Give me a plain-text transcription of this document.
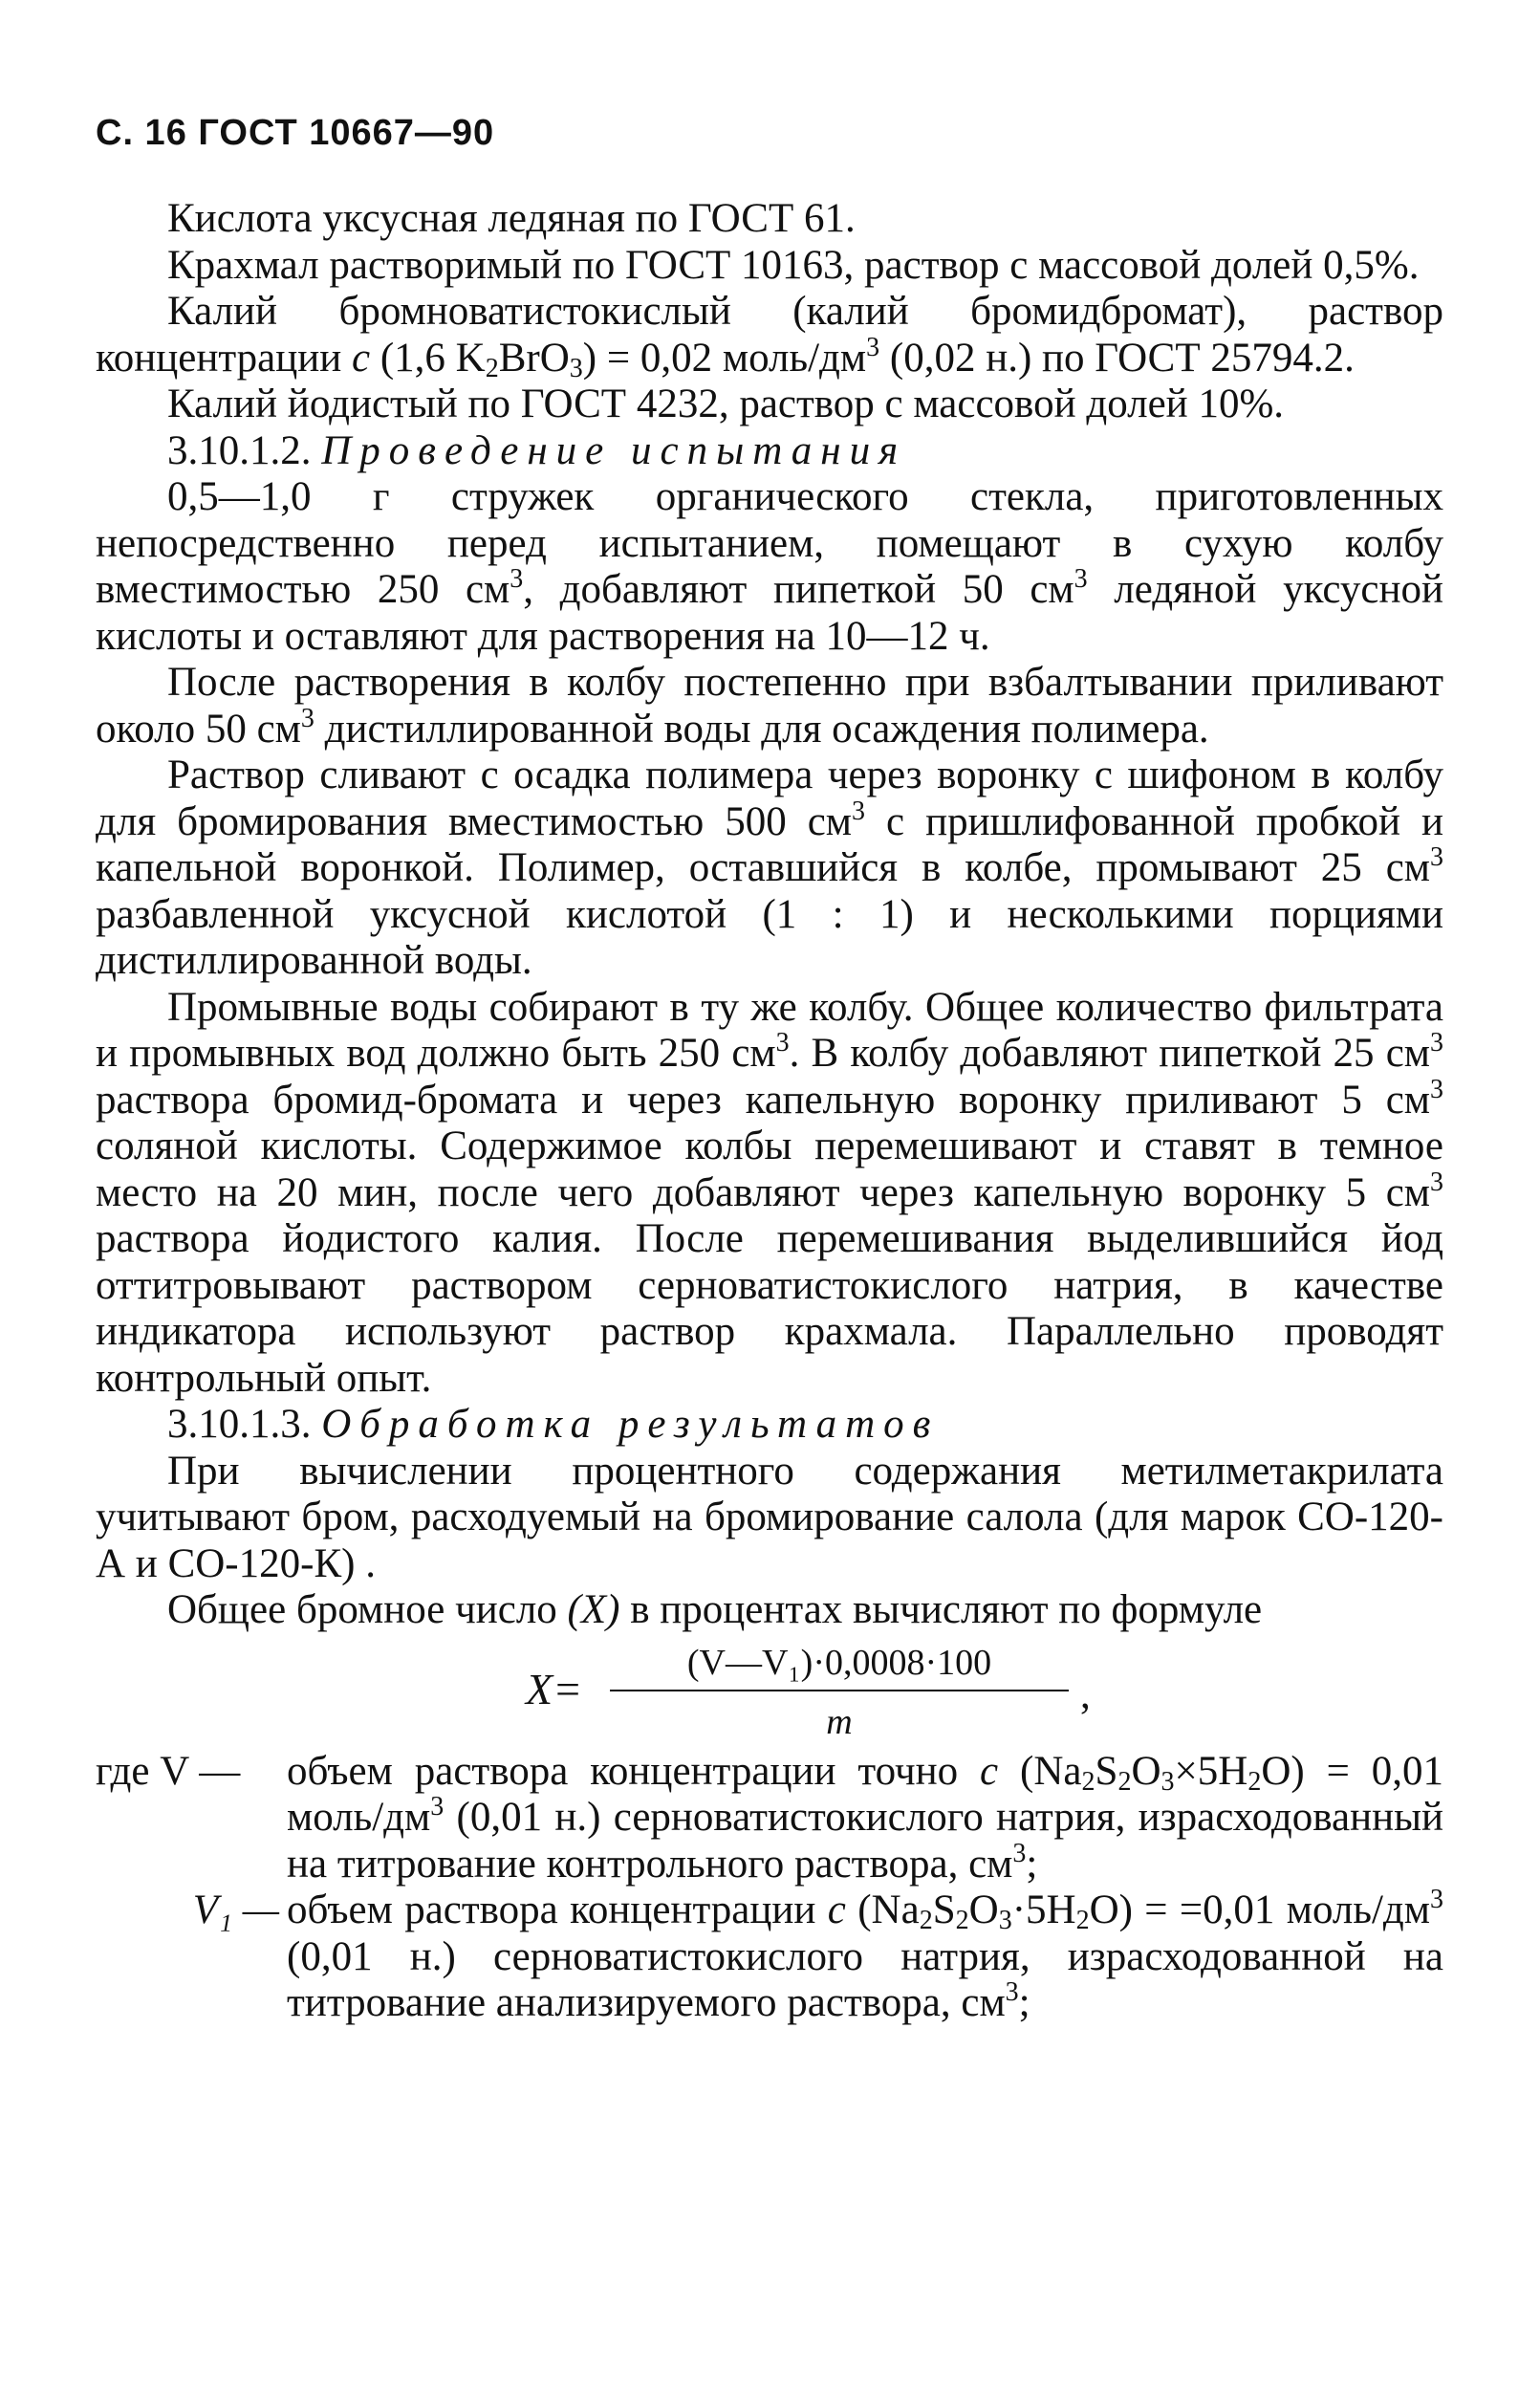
С. 16 ГОСТ 10667—90

Кислота уксусная ледяная по ГОСТ 61.

Крахмал растворимый по ГОСТ 10163, раствор с массовой долей 0,5%.

Калий бромноватистокислый (калий бромидбромат), раствор концентрации c (1,6 $K_2BrO_3) = 0,02$ моль/$дм^3$ (0,02 н.) по ГОСТ 25794.2.

Калий йодистый по ГОСТ 4232, раствор с массовой долей 10%.

3.10.1.2. Проведение испытания

0,5—1,0 г стружек органического стекла, приготовленных непосредственно перед испытанием, помещают в сухую колбу вместимостью 250 $см^3$, добавляют пипеткой 50 $см^3$ ледяной уксусной кислоты и оставляют для растворения на 10—12 ч.

После растворения в колбу постепенно при взбалтывании приливают около 50 $см^3$ дистиллированной воды для осаждения полимера.

Раствор сливают с осадка полимера через воронку с шифоном в колбу для бромирования вместимостью 500 $см^3$ с пришлифованной пробкой и капельной воронкой. Полимер, оставшийся в колбе, промывают 25 $см^3$ разбавленной уксусной кислотой (1 : 1) и несколькими порциями дистиллированной воды.

Промывные воды собирают в ту же колбу. Общее количество фильтрата и промывных вод должно быть 250 $см^3$. В колбу добавляют пипеткой 25 $см^3$ раствора бромид-бромата и через капельную воронку приливают 5 $см^3$ соляной кислоты. Содержимое колбы перемешивают и ставят в темное место на 20 мин, после чего добавляют через капельную воронку 5 $см^3$ раствора йодистого калия. После перемешивания выделившийся йод оттитровывают раствором серноватистокислого натрия, в качестве индикатора используют раствор крахмала. Параллельно проводят контрольный опыт.

3.10.1.3. Обработка результатов

При вычислении процентного содержания метилметакрилата учитывают бром, расходуемый на бромирование салола (для марок СО-120-А и СО-120-К) .

Общее бромное число (X) в процентах вычисляют по формуле

$X= \frac{\text{(V—V₁)·0,0008·100}}{m}$ ,
где V —	объем раствора концентрации точно c $(Na_2S_2O_3\times 5H_2O) = 0,01$ моль/$дм^3$ (0,01 н.) серноватистокислого натрия, израсходованный на титрование контрольного раствора, $см^3$;
V₁ — объем раствора концентрации c $(Na_2S_2O_3\cdot 5H_2O) = =0,01$ моль/$дм^3$ (0,01 н.) серноватистокислого натрия, израсходованной на титрование анализируемого раствора, $см^3$;
